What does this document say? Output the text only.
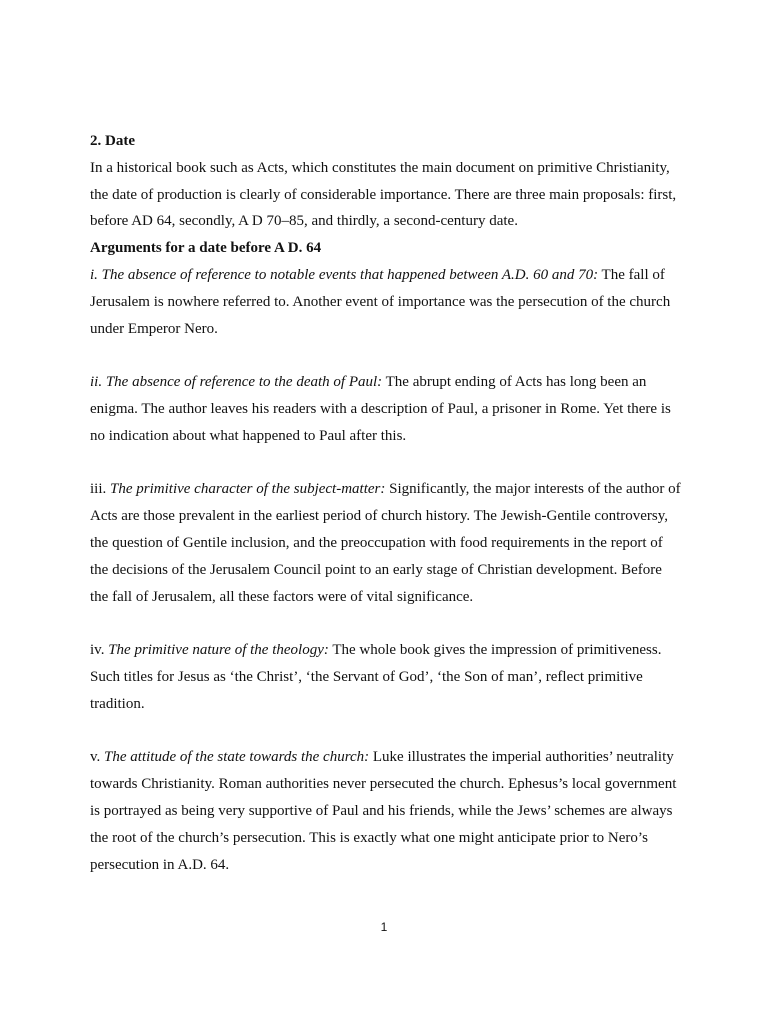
2. Date

In a historical book such as Acts, which constitutes the main document on primitive Christianity, the date of production is clearly of considerable importance. There are three main proposals: first, before AD 64, secondly, A D 70–85, and thirdly, a second-century date.

Arguments for a date before A D. 64

i. The absence of reference to notable events that happened between A.D. 60 and 70: The fall of Jerusalem is nowhere referred to. Another event of importance was the persecution of the church under Emperor Nero.

ii. The absence of reference to the death of Paul: The abrupt ending of Acts has long been an enigma. The author leaves his readers with a description of Paul, a prisoner in Rome. Yet there is no indication about what happened to Paul after this.

iii. The primitive character of the subject-matter: Significantly, the major interests of the author of Acts are those prevalent in the earliest period of church history. The Jewish-Gentile controversy, the question of Gentile inclusion, and the preoccupation with food requirements in the report of the decisions of the Jerusalem Council point to an early stage of Christian development. Before the fall of Jerusalem, all these factors were of vital significance.

iv. The primitive nature of the theology: The whole book gives the impression of primitiveness. Such titles for Jesus as ‘the Christ’, ‘the Servant of God’, ‘the Son of man’, reflect primitive tradition.

v. The attitude of the state towards the church: Luke illustrates the imperial authorities’ neutrality towards Christianity. Roman authorities never persecuted the church. Ephesus’s local government is portrayed as being very supportive of Paul and his friends, while the Jews’ schemes are always the root of the church’s persecution. This is exactly what one might anticipate prior to Nero’s persecution in A.D. 64.

1
